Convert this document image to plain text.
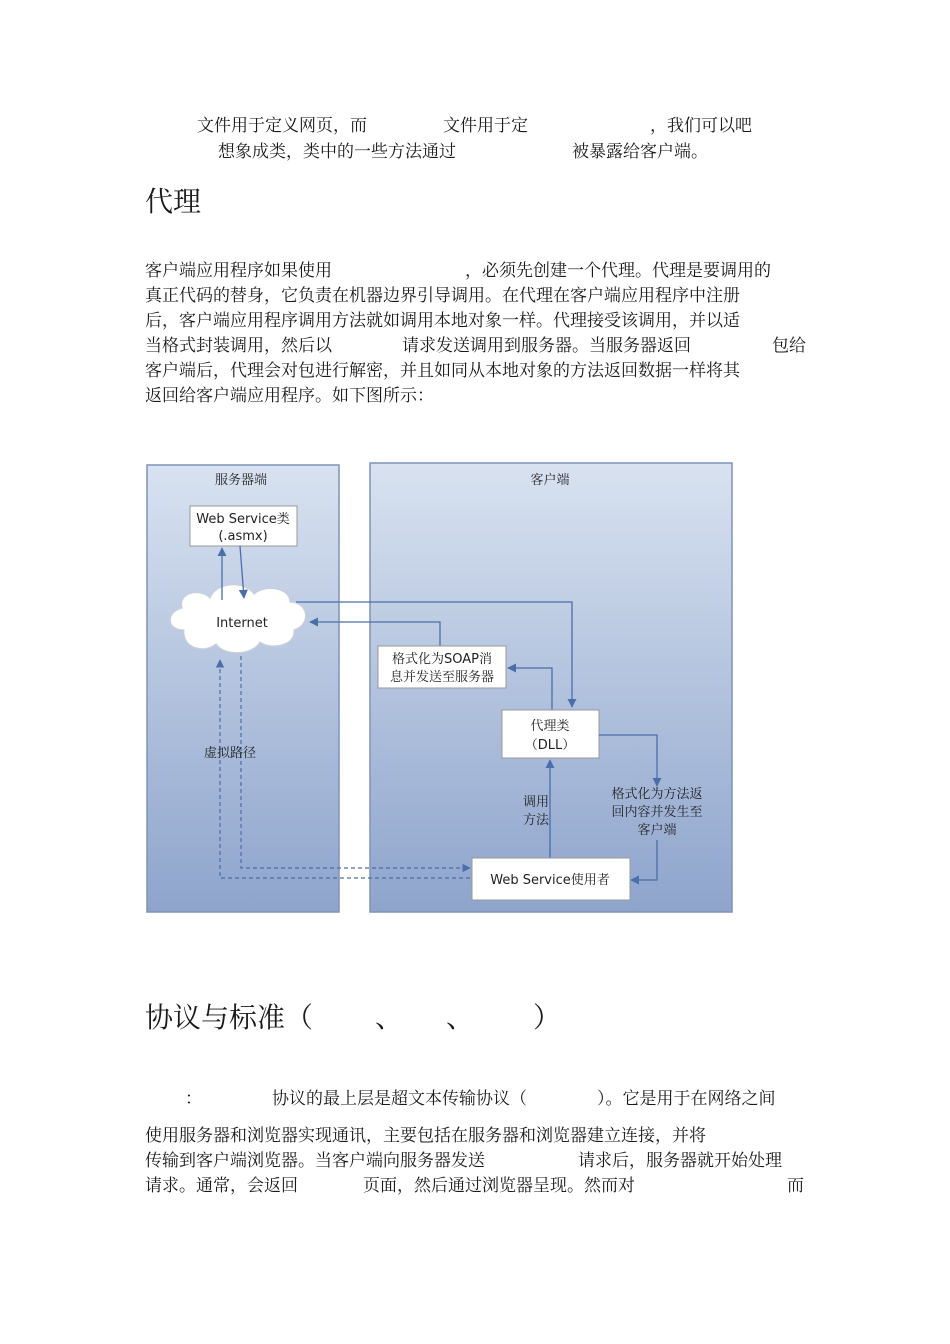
文件用于定义网页，而	文件用于定	，我们可以吧
想象成类，类中的一些方法通过	被暴露给客户端。
代理
客户端应用程序如果使用	，必须先创建一个代理。代理是要调用的
真正代码的替身，它负责在机器边界引导调用。在代理在客户端应用程序中注册
后，客户端应用程序调用方法就如调用本地对象一样。代理接受该调用，并以适
当格式封装调用，然后以	请求发送调用到服务器。当服务器返回	包给
客户端后，代理会对包进行解密，并且如同从本地对象的方法返回数据一样将其
返回给客户端应用程序。如下图所示：
服务器端	客户端
Web Service类
(.asmx)
Internet
格式化为SOAP消
息并发送至服务器
代理类
（DLL）
格式化为方法返
回内容并发生至
客户端
调用
方法
Web Service使用者
虚拟路径
协议与标准（ 、 、 ）
：	协议的最上层是超文本传输协议（	）。它是用于在网络之间
使用服务器和浏览器实现通讯，主要包括在服务器和浏览器建立连接，并将
传输到客户端浏览器。当客户端向服务器发送	请求后，服务器就开始处理
请求。通常，会返回	页面，然后通过浏览器呈现。然而对	而
